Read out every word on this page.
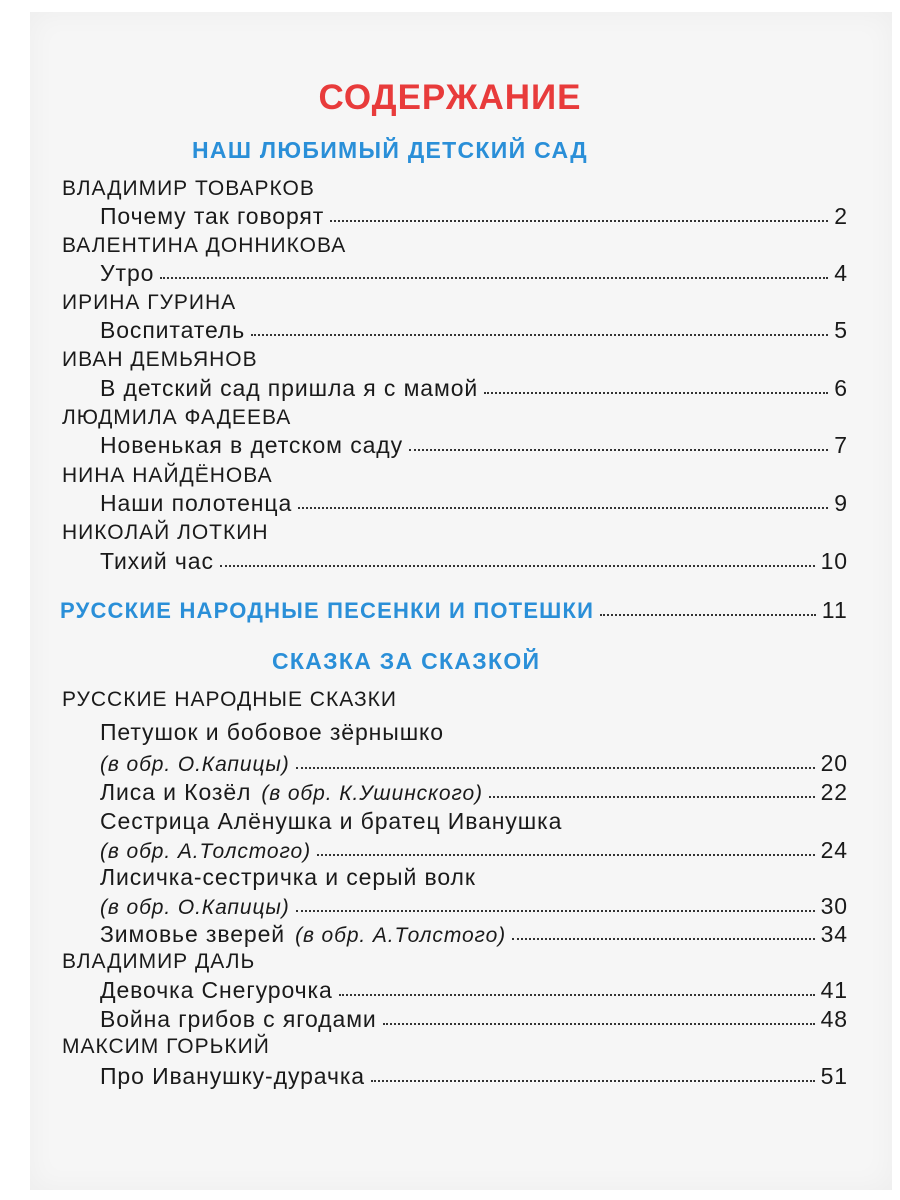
СОДЕРЖАНИЕ
НАШ ЛЮБИМЫЙ ДЕТСКИЙ САД
ВЛАДИМИР ТОВАРКОВ
Почему так говорят	2
ВАЛЕНТИНА ДОННИКОВА
Утро	4
ИРИНА ГУРИНА
Воспитатель	5
ИВАН ДЕМЬЯНОВ
В детский сад пришла я с мамой	6
ЛЮДМИЛА ФАДЕЕВА
Новенькая в детском саду	7
НИНА НАЙДЁНОВА
Наши полотенца	9
НИКОЛАЙ ЛОТКИН
Тихий час	10
РУССКИЕ НАРОДНЫЕ ПЕСЕНКИ И ПОТЕШКИ	11
СКАЗКА ЗА СКАЗКОЙ
РУССКИЕ НАРОДНЫЕ СКАЗКИ
Петушок и бобовое зёрнышко
(в обр. О.Капицы)	20
Лиса и Козёл (в обр. К.Ушинского)	22
Сестрица Алёнушка и братец Иванушка
(в обр. А.Толстого)	24
Лисичка-сестричка и серый волк
(в обр. О.Капицы)	30
Зимовье зверей (в обр. А.Толстого)	34
ВЛАДИМИР ДАЛЬ
Девочка Снегурочка	41
Война грибов с ягодами	48
МАКСИМ ГОРЬКИЙ
Про Иванушку-дурачка	51
